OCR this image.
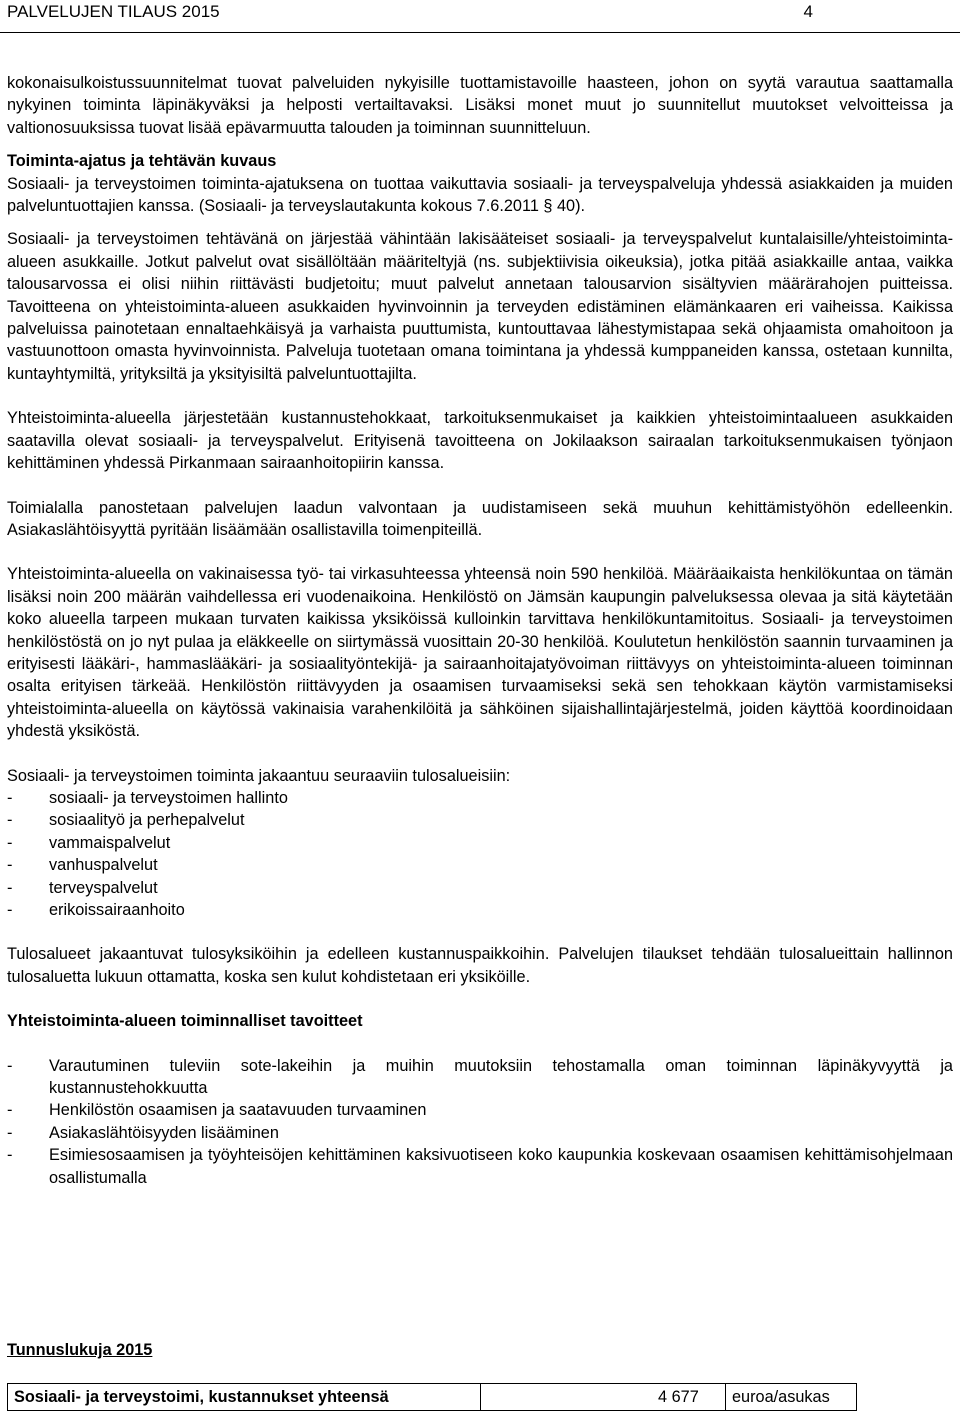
PALVELUJEN TILAUS 2015	4

kokonaisulkoistussuunnitelmat tuovat palveluiden nykyisille tuottamistavoille haasteen, johon on syytä varautua saattamalla nykyinen toiminta läpinäkyväksi ja helposti vertailtavaksi. Lisäksi monet muut jo suunnitellut muutokset velvoitteissa ja valtionosuuksissa tuovat lisää epävarmuutta talouden ja toiminnan suunnitteluun.

Toiminta-ajatus ja tehtävän kuvaus

Sosiaali- ja terveystoimen toiminta-ajatuksena on tuottaa vaikuttavia sosiaali- ja terveyspalveluja yhdessä asiakkaiden ja muiden palveluntuottajien kanssa. (Sosiaali- ja terveyslautakunta kokous 7.6.2011 § 40).

Sosiaali- ja terveystoimen tehtävänä on järjestää vähintään lakisääteiset sosiaali- ja terveyspalvelut kuntalaisille/yhteistoiminta-alueen asukkaille. Jotkut palvelut ovat sisällöltään määriteltyjä (ns. subjektiivisia oikeuksia), jotka pitää asiakkaille antaa, vaikka talousarvossa ei olisi niihin riittävästi budjetoitu; muut palvelut annetaan talousarvion sisältyvien määrärahojen puitteissa. Tavoitteena on yhteistoiminta-alueen asukkaiden hyvinvoinnin ja terveyden edistäminen elämänkaaren eri vaiheissa. Kaikissa palveluissa painotetaan ennaltaehkäisyä ja varhaista puuttumista, kuntouttavaa lähestymistapaa sekä ohjaamista omahoitoon ja vastuunottoon omasta hyvinvoinnista. Palveluja tuotetaan omana toimintana ja yhdessä kumppaneiden kanssa, ostetaan kunnilta, kuntayhtymiltä, yrityksiltä ja yksityisiltä palveluntuottajilta.

Yhteistoiminta-alueella järjestetään kustannustehokkaat, tarkoituksenmukaiset ja kaikkien yhteistoimintaalueen asukkaiden saatavilla olevat sosiaali- ja terveyspalvelut. Erityisenä tavoitteena on Jokilaakson sairaalan tarkoituksenmukaisen työnjaon kehittäminen yhdessä Pirkanmaan sairaanhoitopiirin kanssa.

Toimialalla panostetaan palvelujen laadun valvontaan ja uudistamiseen sekä muuhun kehittämistyöhön edelleenkin. Asiakaslähtöisyyttä pyritään lisäämään osallistavilla toimenpiteillä.

Yhteistoiminta-alueella on vakinaisessa työ- tai virkasuhteessa yhteensä noin 590 henkilöä. Määräaikaista henkilökuntaa on tämän lisäksi noin 200 määrän vaihdellessa eri vuodenaikoina. Henkilöstö on Jämsän kaupungin palveluksessa olevaa ja sitä käytetään koko alueella tarpeen mukaan turvaten kaikissa yksiköissä kulloinkin tarvittava henkilökuntamitoitus. Sosiaali- ja terveystoimen henkilöstöstä on jo nyt pulaa ja eläkkeelle on siirtymässä vuosittain 20-30 henkilöä. Koulutetun henkilöstön saannin turvaaminen ja erityisesti lääkäri-, hammaslääkäri- ja sosiaalityöntekijä- ja sairaanhoitajatyövoiman riittävyys on yhteistoiminta-alueen toiminnan osalta erityisen tärkeää. Henkilöstön riittävyyden ja osaamisen turvaamiseksi sekä sen tehokkaan käytön varmistamiseksi yhteistoiminta-alueella on käytössä vakinaisia varahenkilöitä ja sähköinen sijaishallintajärjestelmä, joiden käyttöä koordinoidaan yhdestä yksiköstä.

Sosiaali- ja terveystoimen toiminta jakaantuu seuraaviin tulosalueisiin:

- sosiaali- ja terveystoimen hallinto
- sosiaalityö ja perhepalvelut
- vammaispalvelut
- vanhuspalvelut
- terveyspalvelut
- erikoissairaanhoito

Tulosalueet jakaantuvat tulosyksiköihin ja edelleen kustannuspaikkoihin. Palvelujen tilaukset tehdään tulosalueittain hallinnon tulosaluetta lukuun ottamatta, koska sen kulut kohdistetaan eri yksiköille.

Yhteistoiminta-alueen toiminnalliset tavoitteet

- Varautuminen tuleviin sote-lakeihin ja muihin muutoksiin tehostamalla oman toiminnan läpinäkyvyyttä ja kustannustehokkuutta
- Henkilöstön osaamisen ja saatavuuden turvaaminen
- Asiakaslähtöisyyden lisääminen
- Esimiesosaamisen ja työyhteisöjen kehittäminen kaksivuotiseen koko kaupunkia koskevaan osaamisen kehittämisohjelmaan osallistumalla

Tunnuslukuja 2015

Sosiaali- ja terveystoimi, kustannukset yhteensä	4 677 euroa/asukas
